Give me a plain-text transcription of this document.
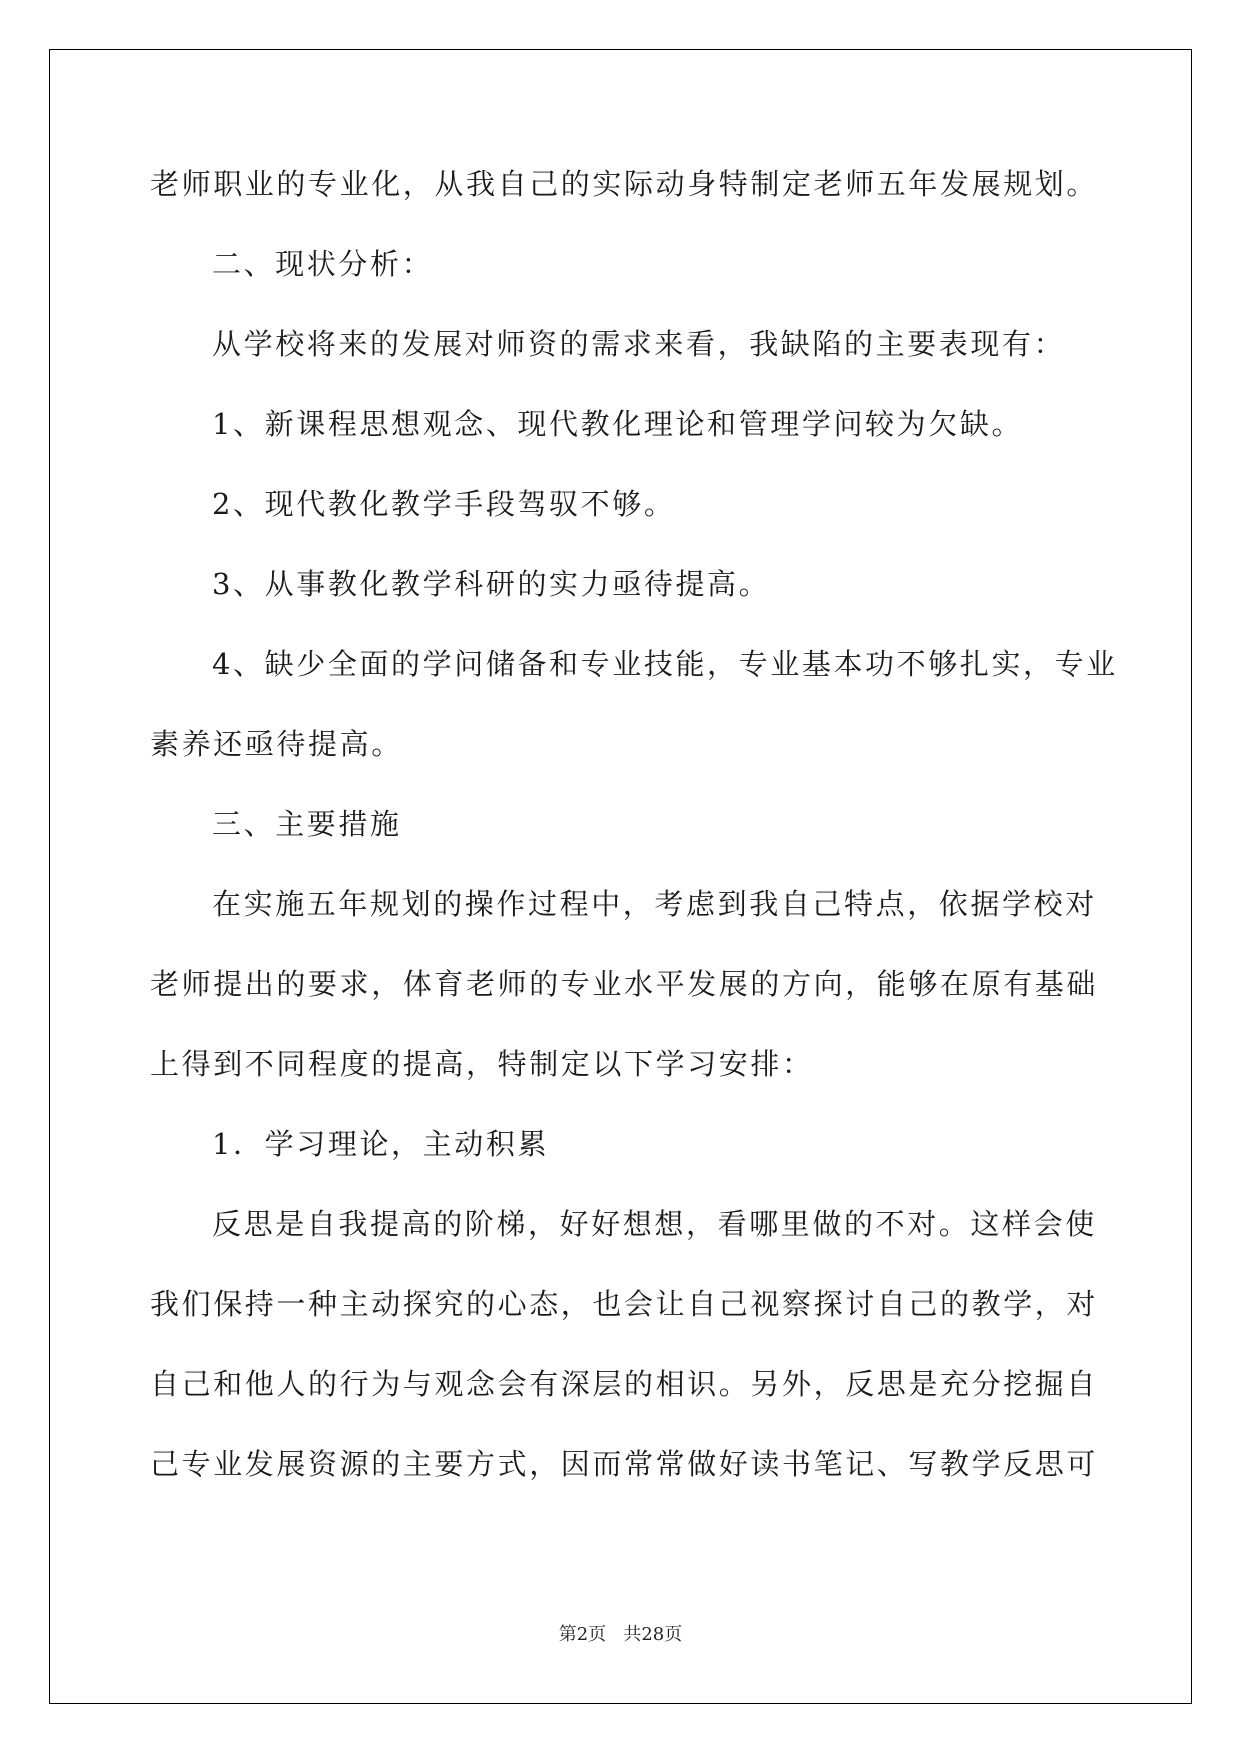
老师职业的专业化，从我自己的实际动身特制定老师五年发展规划。

二、现状分析：

从学校将来的发展对师资的需求来看，我缺陷的主要表现有：

1、新课程思想观念、现代教化理论和管理学问较为欠缺。

2、现代教化教学手段驾驭不够。

3、从事教化教学科研的实力亟待提高。

4、缺少全面的学问储备和专业技能，专业基本功不够扎实，专业

素养还亟待提高。

三、主要措施

在实施五年规划的操作过程中，考虑到我自己特点，依据学校对

老师提出的要求，体育老师的专业水平发展的方向，能够在原有基础

上得到不同程度的提高，特制定以下学习安排：

1．学习理论，主动积累

反思是自我提高的阶梯，好好想想，看哪里做的不对。这样会使

我们保持一种主动探究的心态，也会让自己视察探讨自己的教学，对

自己和他人的行为与观念会有深层的相识。另外，反思是充分挖掘自

己专业发展资源的主要方式，因而常常做好读书笔记、写教学反思可

第2页   共28页
